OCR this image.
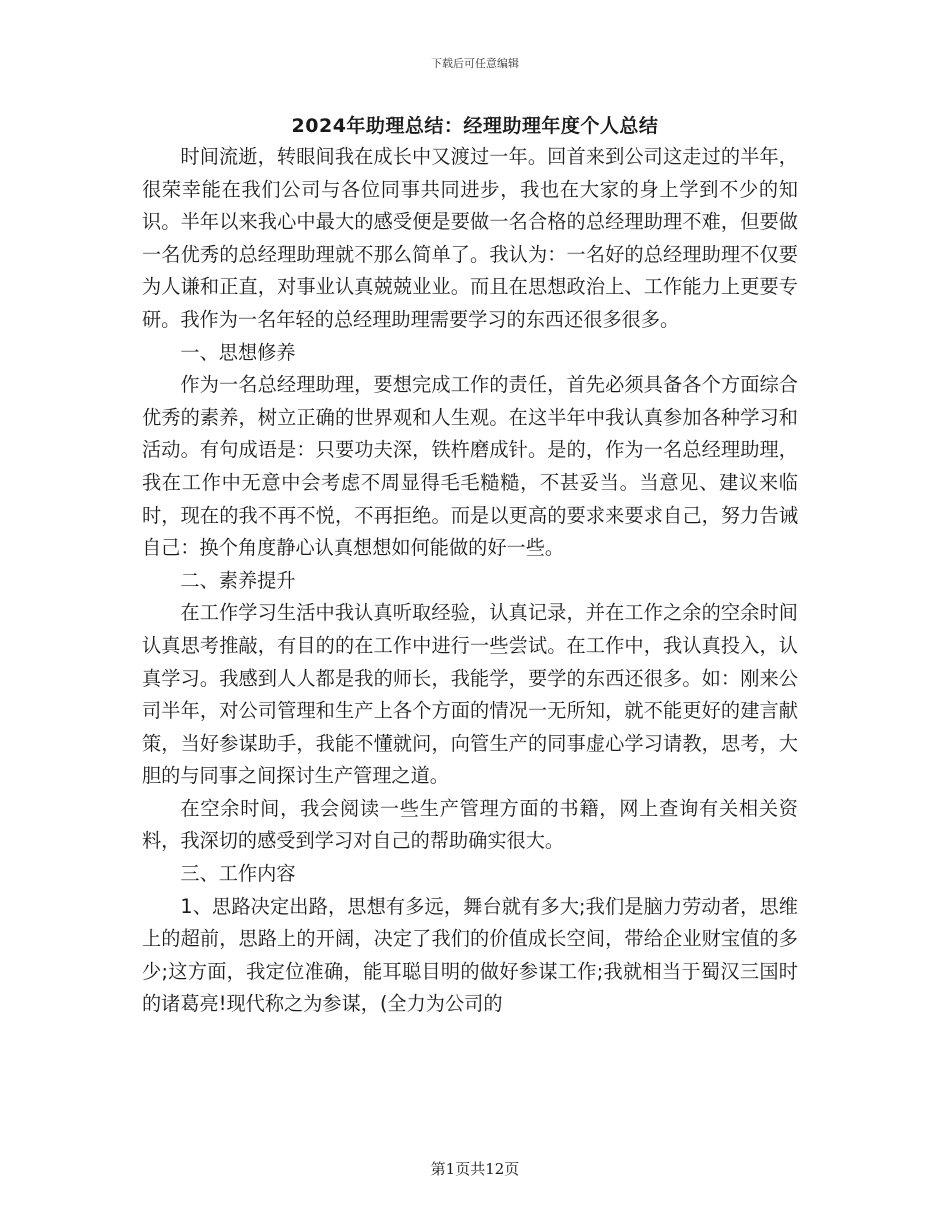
下载后可任意编辑
2024年助理总结：经理助理年度个人总结

时间流逝，转眼间我在成长中又渡过一年。回首来到公司这走过的半年，很荣幸能在我们公司与各位同事共同进步，我也在大家的身上学到不少的知识。半年以来我心中最大的感受便是要做一名合格的总经理助理不难，但要做一名优秀的总经理助理就不那么简单了。我认为：一名好的总经理助理不仅要为人谦和正直，对事业认真兢兢业业。而且在思想政治上、工作能力上更要专研。我作为一名年轻的总经理助理需要学习的东西还很多很多。

一、思想修养

作为一名总经理助理，要想完成工作的责任，首先必须具备各个方面综合优秀的素养，树立正确的世界观和人生观。在这半年中我认真参加各种学习和活动。有句成语是：只要功夫深，铁杵磨成针。是的，作为一名总经理助理，我在工作中无意中会考虑不周显得毛毛糙糙，不甚妥当。当意见、建议来临时，现在的我不再不悦，不再拒绝。而是以更高的要求来要求自己，努力告诫自己：换个角度静心认真想想如何能做的好一些。

二、素养提升

在工作学习生活中我认真听取经验，认真记录，并在工作之余的空余时间认真思考推敲，有目的的在工作中进行一些尝试。在工作中，我认真投入，认真学习。我感到人人都是我的师长，我能学，要学的东西还很多。如：刚来公司半年，对公司管理和生产上各个方面的情况一无所知，就不能更好的建言献策，当好参谋助手，我能不懂就问，向管生产的同事虚心学习请教，思考，大胆的与同事之间探讨生产管理之道。

在空余时间，我会阅读一些生产管理方面的书籍，网上查询有关相关资料，我深切的感受到学习对自己的帮助确实很大。

三、工作内容

1、思路决定出路，思想有多远，舞台就有多大;我们是脑力劳动者，思维上的超前，思路上的开阔，决定了我们的价值成长空间，带给企业财宝值的多少;这方面，我定位准确，能耳聪目明的做好参谋工作;我就相当于蜀汉三国时的诸葛亮!现代称之为参谋，(全力为公司的

第1页共12页
